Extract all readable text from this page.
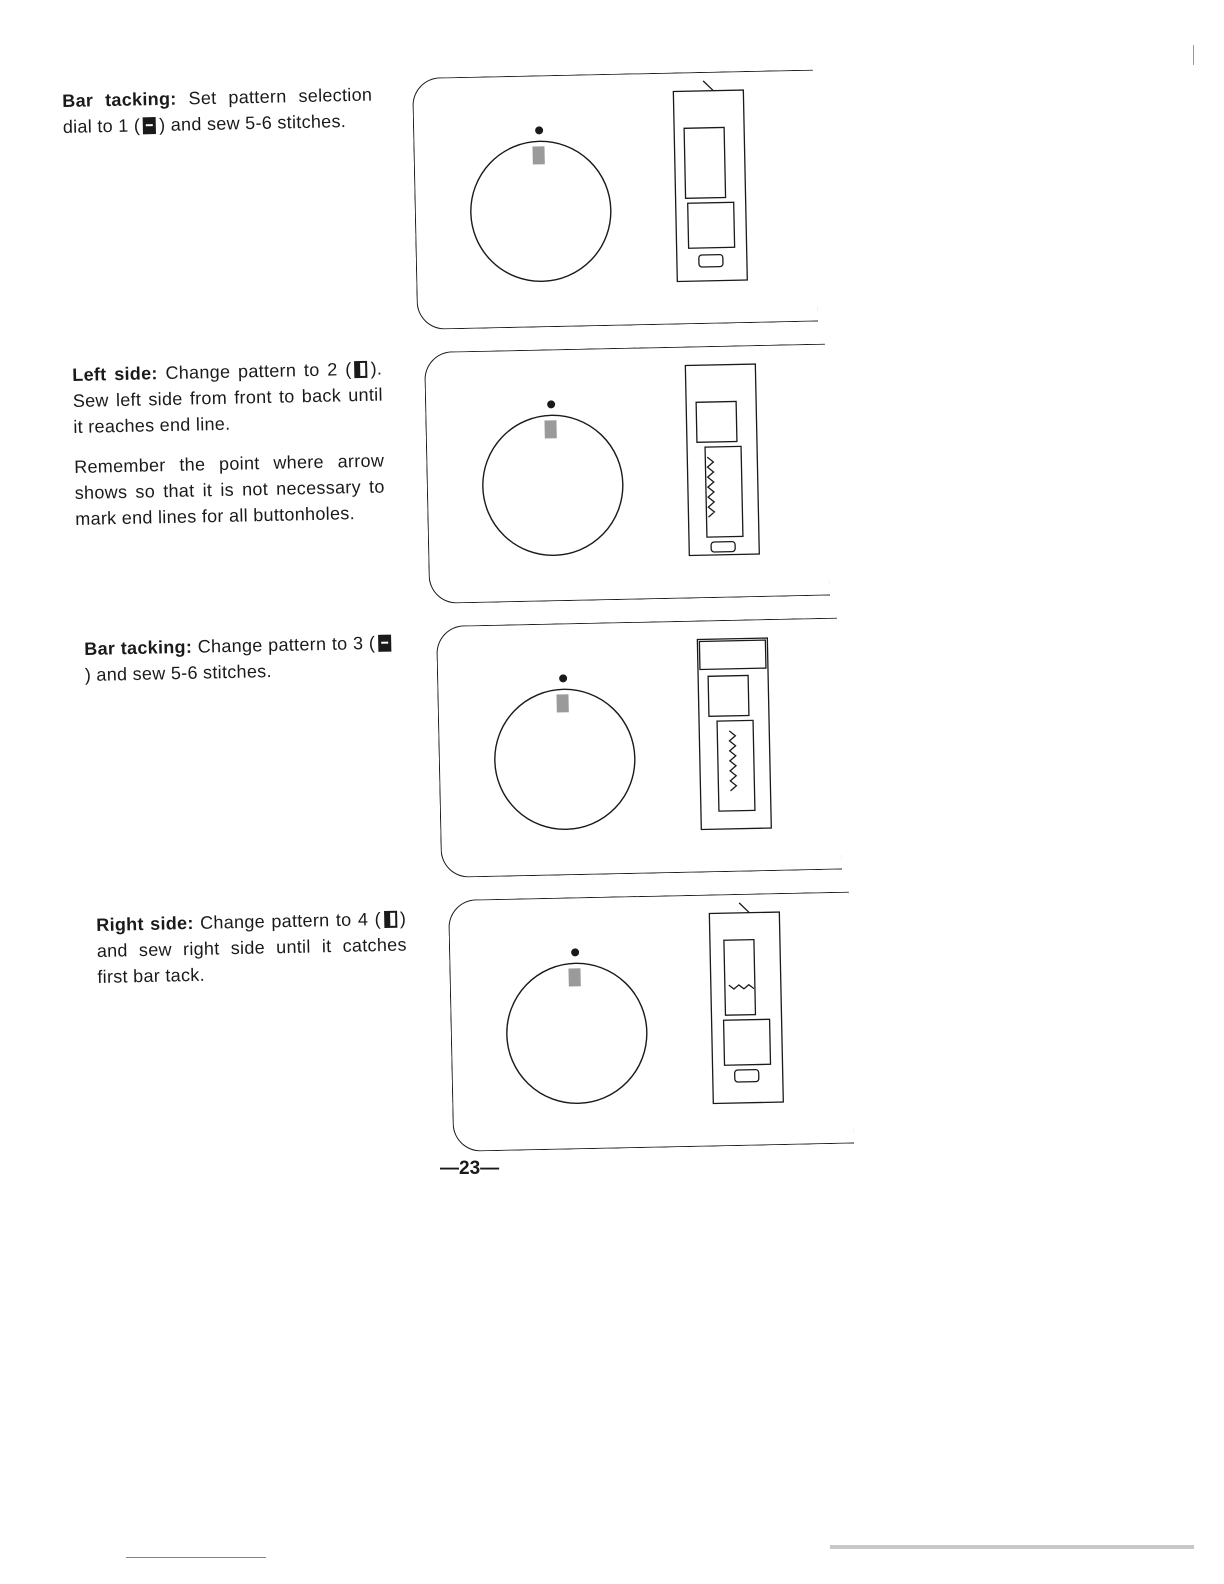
Bar tacking: Set pattern selection dial to 1 ( ) and sew 5-6 stitches.

Left side: Change pattern to 2 ( ). Sew left side from front to back until it reaches end line.

Remember the point where arrow shows so that it is not necessary to mark end lines for all buttonholes.

Bar tacking: Change pattern to 3 () and sew 5-6 stitches.

Right side: Change pattern to 4 ( ) and sew right side until it catches first bar tack.

—23—
